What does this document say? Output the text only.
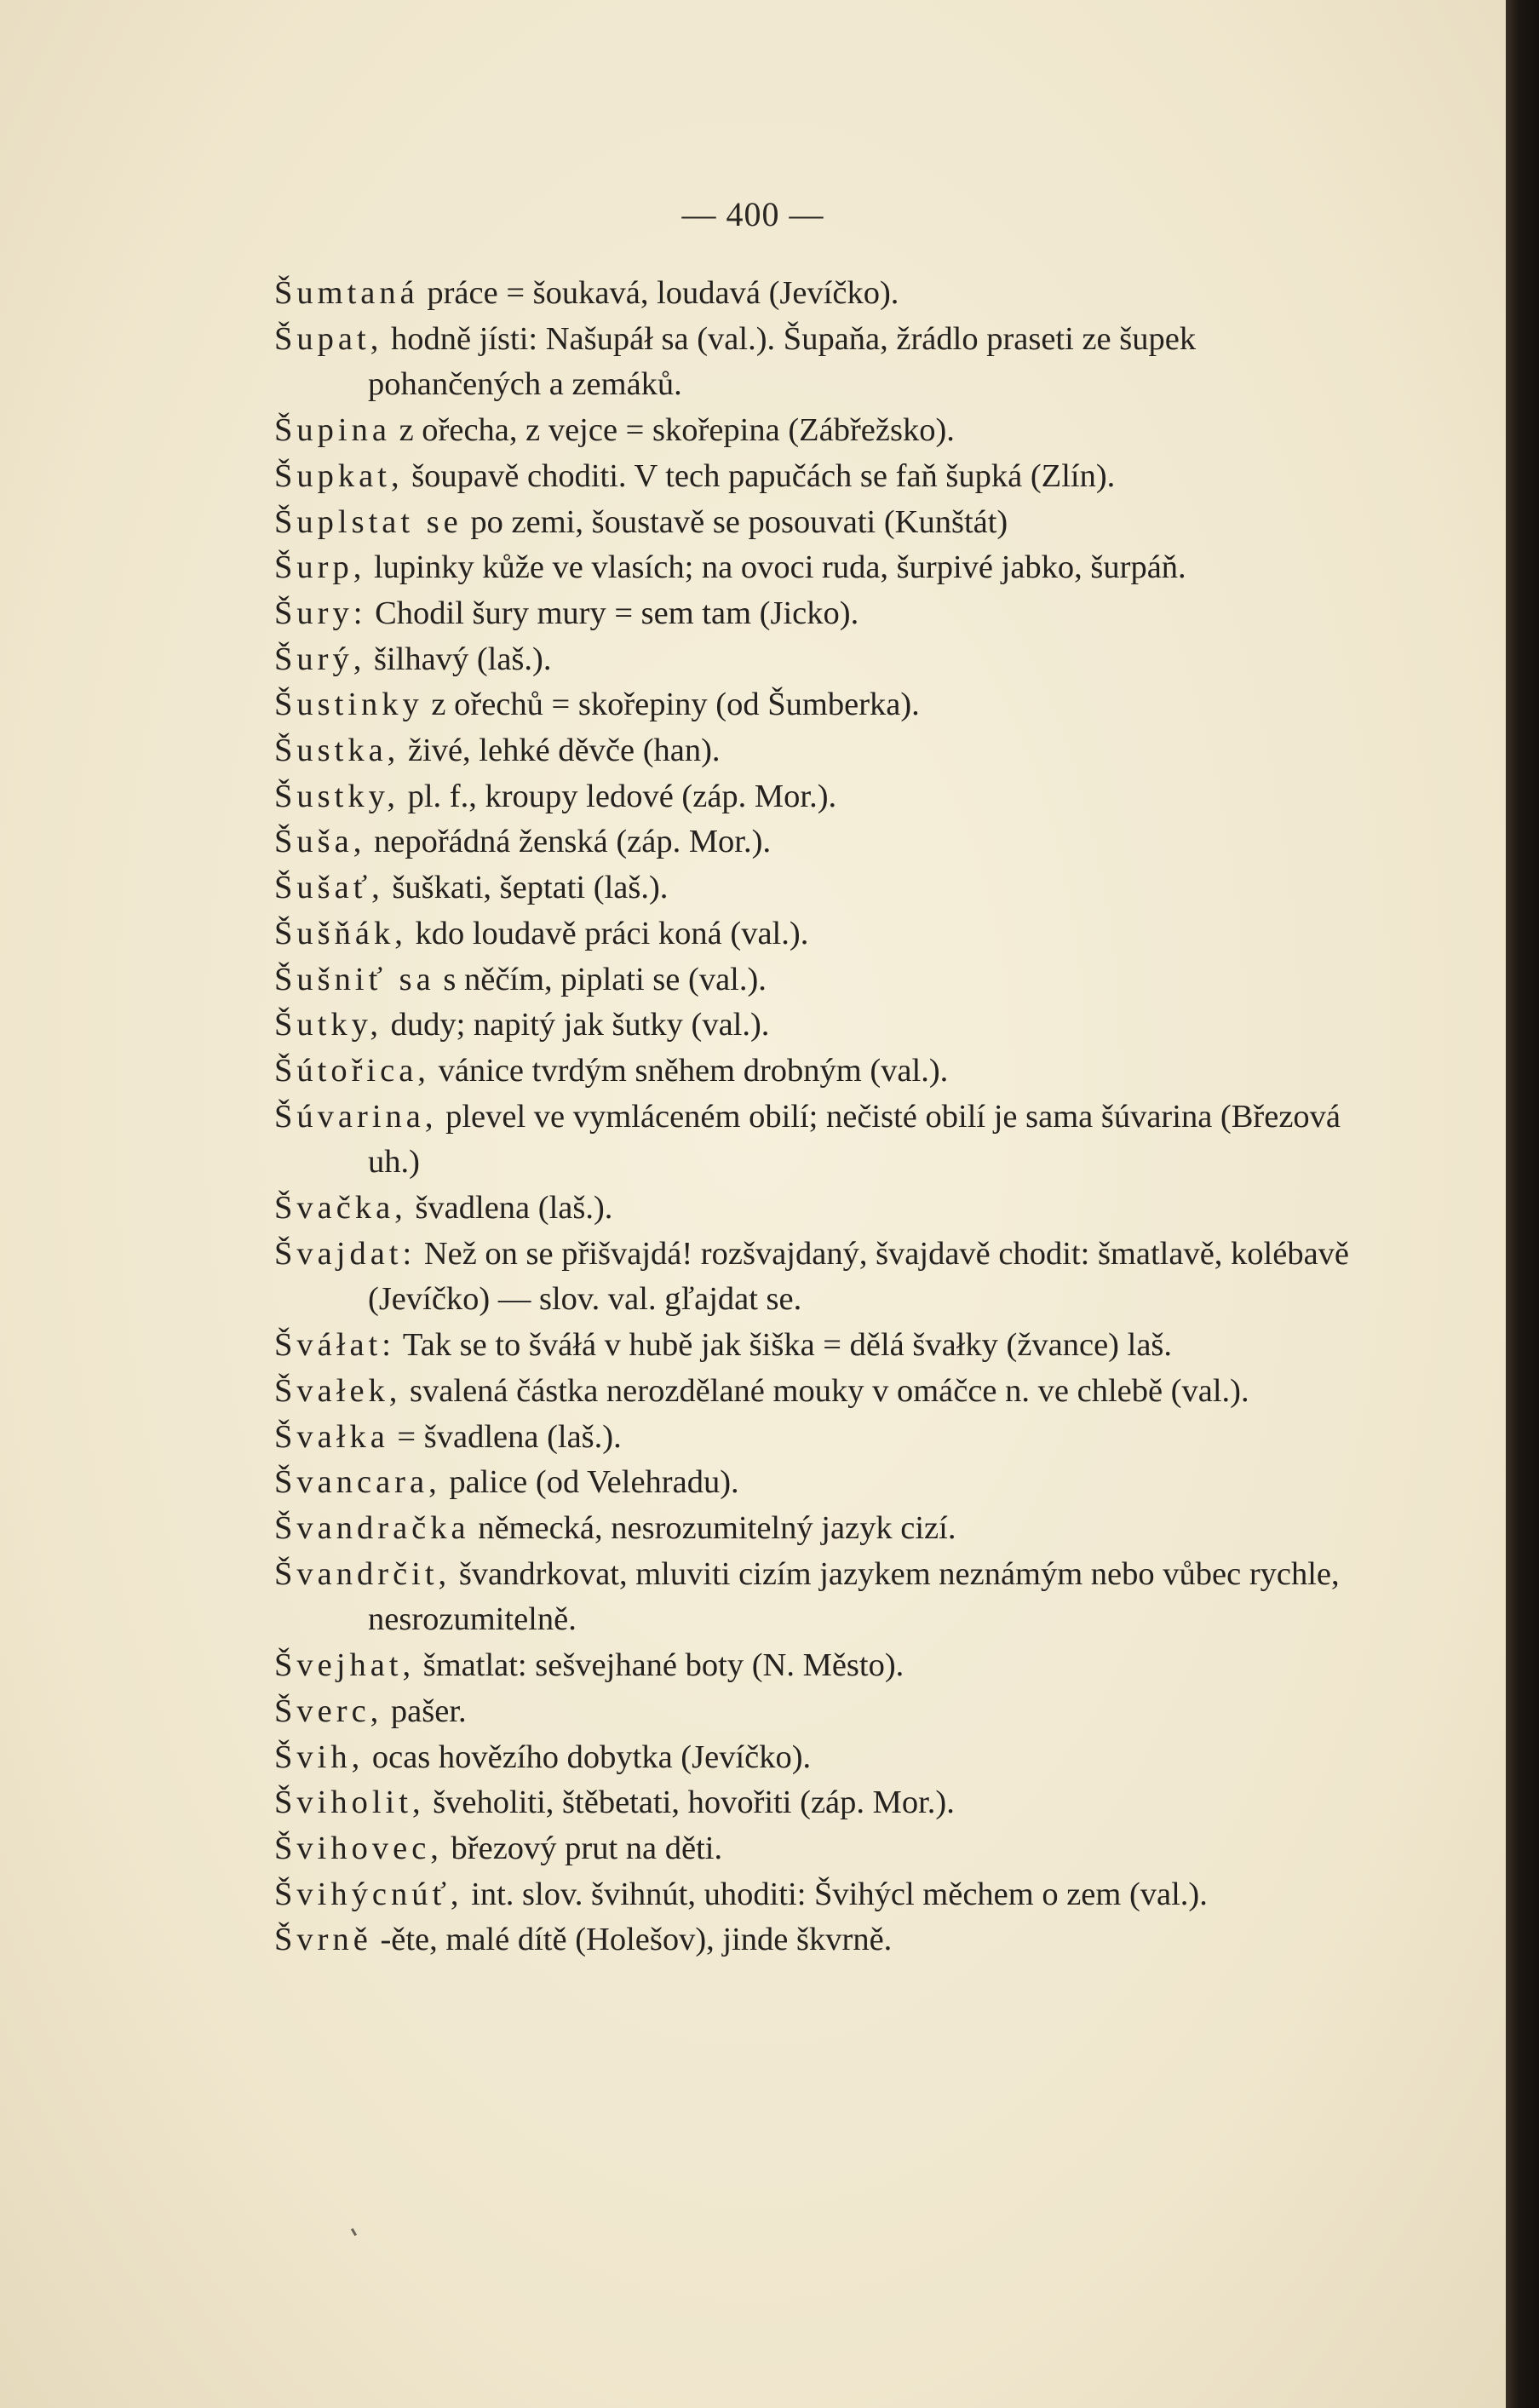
— 400 —

Šumtaná práce = šoukavá, loudavá (Jevíčko).

Šupat, hodně jísti: Našupáł sa (val.). Šupaňa, žrádlo praseti ze šupek pohančených a zemáků.

Šupina z ořecha, z vejce = skořepina (Zábřežsko).

Šupkat, šoupavě choditi. V tech papučách se faň šupká (Zlín).

Šuplstat se po zemi, šoustavě se posouvati (Kunštát)

Šurp, lupinky kůže ve vlasích; na ovoci ruda, šurpivé jabko, šurpáň.

Šury: Chodil šury mury = sem tam (Jicko).

Šurý, šilhavý (laš.).

Šustinky z ořechů = skořepiny (od Šumberka).

Šustka, živé, lehké děvče (han).

Šustky, pl. f., kroupy ledové (záp. Mor.).

Šuša, nepořádná ženská (záp. Mor.).

Šušať, šuškati, šeptati (laš.).

Šušňák, kdo loudavě práci koná (val.).

Šušniť sa s něčím, piplati se (val.).

Šutky, dudy; napitý jak šutky (val.).

Šútořica, vánice tvrdým sněhem drobným (val.).

Šúvarina, plevel ve vymláceném obilí; nečisté obilí je sama šúvarina (Březová uh.)

Švačka, švadlena (laš.).

Švajdat: Než on se přišvajdá! rozšvajdaný, švajdavě chodit: šmatlavě, kolébavě (Jevíčko) — slov. val. gľajdat se.

Šváłat: Tak se to šváłá v hubě jak šiška = dělá švałky (žvance) laš.

Švałek, svalená částka nerozdělané mouky v omáčce n. ve chlebě (val.).

Švałka = švadlena (laš.).

Švancara, palice (od Velehradu).

Švandračka německá, nesrozumitelný jazyk cizí.

Švandrčit, švandrkovat, mluviti cizím jazykem neznámým nebo vůbec rychle, nesrozumitelně.

Švejhat, šmatlat: sešvejhané boty (N. Město).

Šverc, pašer.

Švih, ocas hovězího dobytka (Jevíčko).

Šviholit, šveholiti, štěbetati, hovořiti (záp. Mor.).

Švihovec, březový prut na děti.

Švihýcnúť, int. slov. švihnút, uhoditi: Švihýcl měchem o zem (val.).

Švrně -ěte, malé dítě (Holešov), jinde škvrně.
